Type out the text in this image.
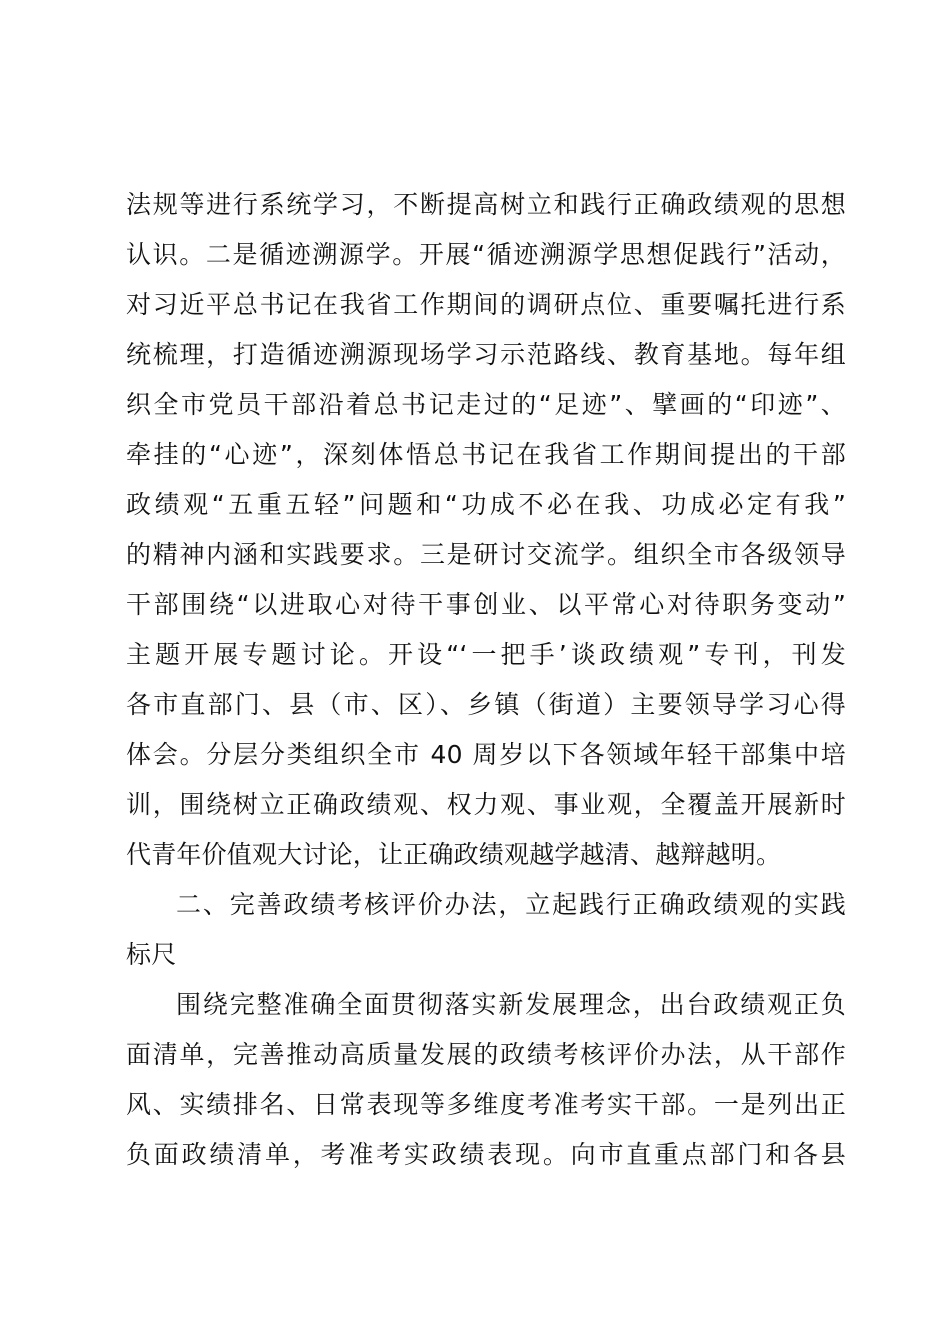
法规等进行系统学习，不断提高树立和践行正确政绩观的思想
认识。二是循迹溯源学。开展“循迹溯源学思想促践行”活动，
对习近平总书记在我省工作期间的调研点位、重要嘱托进行系
统梳理，打造循迹溯源现场学习示范路线、教育基地。每年组
织全市党员干部沿着总书记走过的“足迹”、擘画的“印迹”、
牵挂的“心迹”，深刻体悟总书记在我省工作期间提出的干部
政绩观“五重五轻”问题和“功成不必在我、功成必定有我”
的精神内涵和实践要求。三是研讨交流学。组织全市各级领导
干部围绕“以进取心对待干事创业、以平常心对待职务变动”
主题开展专题讨论。开设“‘一把手’谈政绩观”专刊，刊发
各市直部门、县（市、区）、乡镇（街道）主要领导学习心得
体会。分层分类组织全市 40 周岁以下各领域年轻干部集中培
训，围绕树立正确政绩观、权力观、事业观，全覆盖开展新时
代青年价值观大讨论，让正确政绩观越学越清、越辩越明。
二、完善政绩考核评价办法，立起践行正确政绩观的实践
标尺
围绕完整准确全面贯彻落实新发展理念，出台政绩观正负
面清单，完善推动高质量发展的政绩考核评价办法，从干部作
风、实绩排名、日常表现等多维度考准考实干部。一是列出正
负面政绩清单，考准考实政绩表现。向市直重点部门和各县
